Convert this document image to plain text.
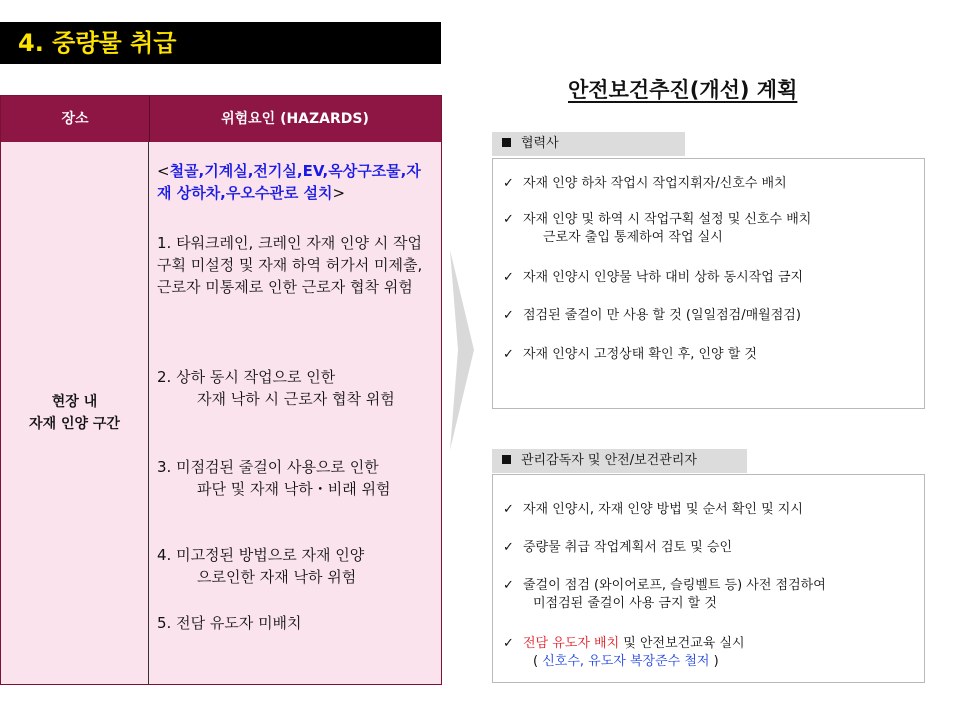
4. 중량물 취급
장소	위험요인 (HAZARDS)
현장 내
자재 인양 구간
<철골,기계실,전기실,EV,옥상구조물,자재 상하차,우오수관로 설치>
1. 타워크레인, 크레인 자재 인양 시 작업구획 미설정 및 자재 하역 허가서 미제출, 근로자 미통제로 인한 근로자 협착 위험
2. 상하 동시 작업으로 인한
자재 낙하 시 근로자 협착 위험
3. 미점검된 줄걸이 사용으로 인한
파단 및 자재 낙하・비래 위험
4. 미고정된 방법으로 자재 인양
으로인한 자재 낙하 위험
5. 전담 유도자 미배치
안전보건추진(개선) 계획
협력사
✓ 자재 인양 하차 작업시 작업지휘자/신호수 배치
✓ 자재 인양 및 하역 시 작업구획 설정 및 신호수 배치
근로자 출입 통제하여 작업 실시
✓ 자재 인양시 인양물 낙하 대비 상하 동시작업 금지
✓ 점검된 줄걸이 만 사용 할 것 (일일점검/매월점검)
✓ 자재 인양시 고정상태 확인 후, 인양 할 것
관리감독자 및 안전/보건관리자
✓ 자재 인양시, 자재 인양 방법 및 순서 확인 및 지시
✓ 중량물 취급 작업계획서 검토 및 승인
✓ 줄걸이 점검 (와이어로프, 슬링벨트 등) 사전 점검하여
미점검된 줄걸이 사용 금지 할 것
✓ 전담 유도자 배치 및 안전보건교육 실시
( 신호수, 유도자 복장준수 철저 )
